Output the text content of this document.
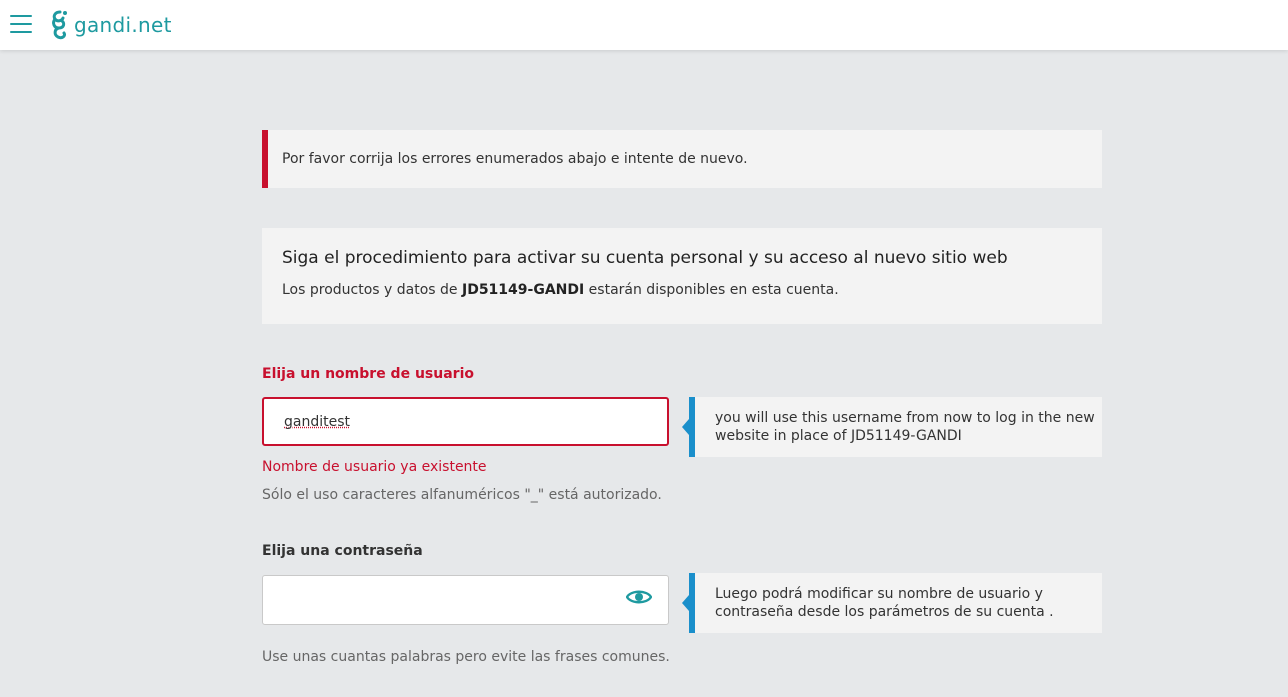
gandi.net
Por favor corrija los errores enumerados abajo e intente de nuevo.
Siga el procedimiento para activar su cuenta personal y su acceso al nuevo sitio web
Los productos y datos de JD51149-GANDI estarán disponibles en esta cuenta.

Elija un nombre de usuario

ganditest
you will use this username from now to log in the new website in place of JD51149-GANDI

Nombre de usuario ya existente

Sólo el uso caracteres alfanuméricos "_" está autorizado.

Elija una contraseña

Luego podrá modificar su nombre de usuario y contraseña desde los parámetros de su cuenta .

Use unas cuantas palabras pero evite las frases comunes.
